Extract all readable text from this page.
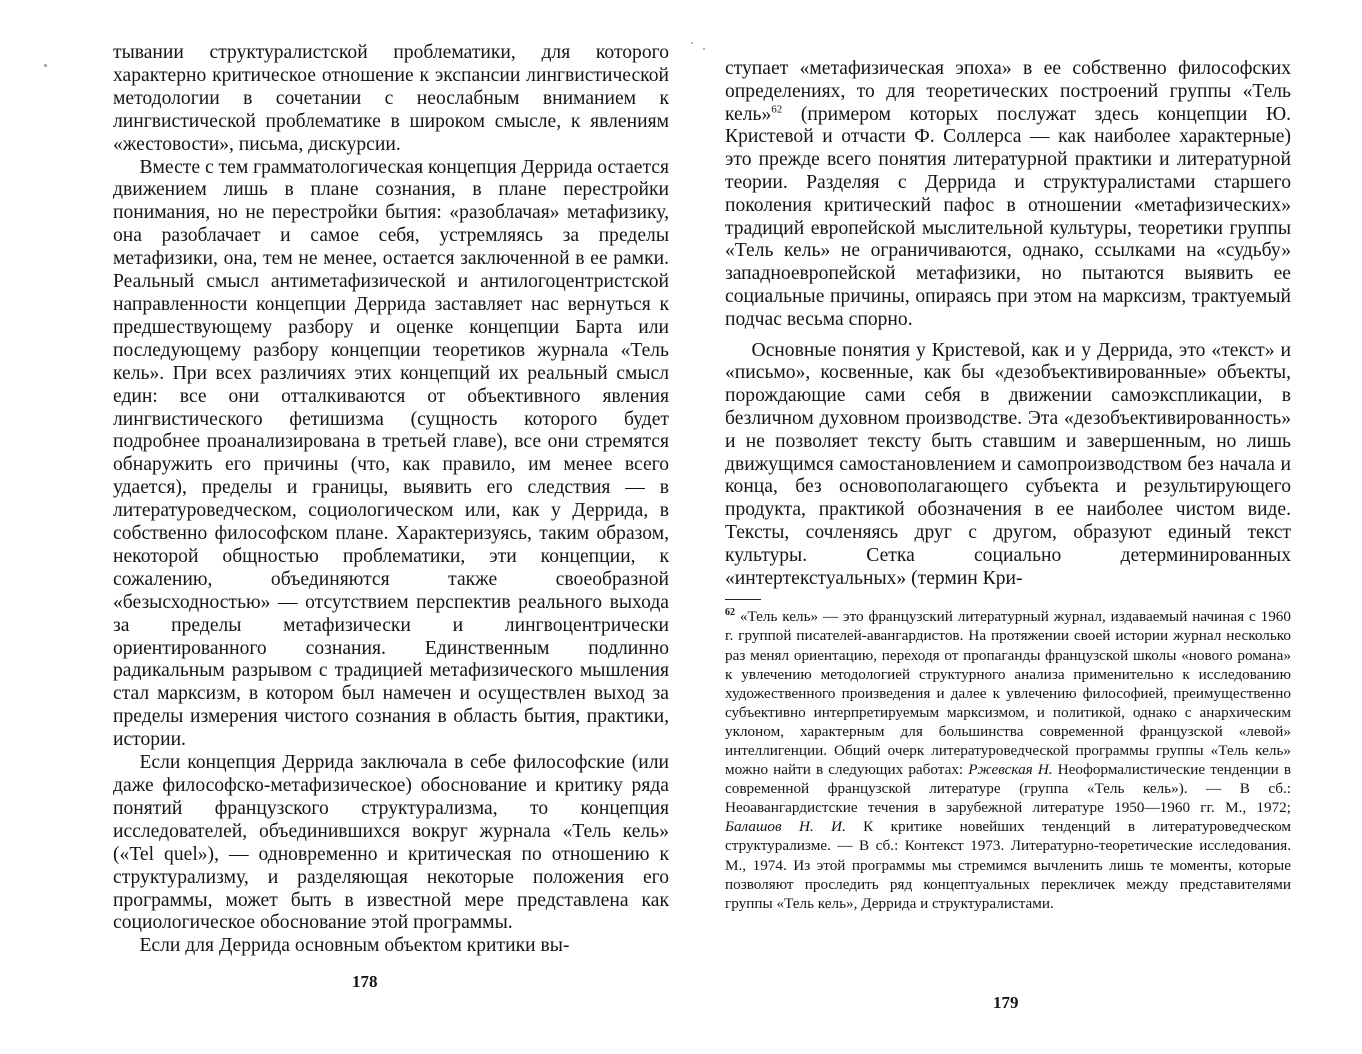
тывании структуралистской проблематики, для которого характерно критическое отношение к экспансии лингвистической методологии в сочетании с неослабным вниманием к лингвистической проблематике в широком смысле, к явлениям «жестовости», письма, дискурсии.

Вместе с тем грамматологическая концепция Деррида остается движением лишь в плане сознания, в плане перестройки понимания, но не перестройки бытия: «разоблачая» метафизику, она разоблачает и самое себя, устремляясь за пределы метафизики, она, тем не менее, остается заключенной в ее рамки. Реальный смысл антиметафизической и антилогоцентристской направленности концепции Деррида заставляет нас вернуться к предшествующему разбору и оценке концепции Барта или последующему разбору концепции теоретиков журнала «Тель кель». При всех различиях этих концепций их реальный смысл един: все они отталкиваются от объективного явления лингвистического фетишизма (сущность которого будет подробнее проанализирована в третьей главе), все они стремятся обнаружить его причины (что, как правило, им менее всего удается), пределы и границы, выявить его следствия — в литературоведческом, социологическом или, как у Деррида, в собственно философском плане. Характеризуясь, таким образом, некоторой общностью проблематики, эти концепции, к сожалению, объединяются также своеобразной «безысходностью» — отсутствием перспектив реального выхода за пределы метафизически и лингвоцентрически ориентированного сознания. Единственным подлинно радикальным разрывом с традицией метафизического мышления стал марксизм, в котором был намечен и осуществлен выход за пределы измерения чистого сознания в область бытия, практики, истории.

Если концепция Деррида заключала в себе философские (или даже философско-метафизическое) обоснование и критику ряда понятий французского структурализма, то концепция исследователей, объединившихся вокруг журнала «Тель кель» («Tel quel»), — одновременно и критическая по отношению к структурализму, и разделяющая некоторые положения его программы, может быть в известной мере представлена как социологическое обоснование этой программы.

Если для Деррида основным объектом критики вы-

178

ступает «метафизическая эпоха» в ее собственно философских определениях, то для теоретических построений группы «Тель кель»$^{62}$ (примером которых послужат здесь концепции Ю. Кристевой и отчасти Ф. Соллерса — как наиболее характерные) это прежде всего понятия литературной практики и литературной теории. Разделяя с Деррида и структуралистами старшего поколения критический пафос в отношении «метафизических» традиций европейской мыслительной культуры, теоретики группы «Тель кель» не ограничиваются, однако, ссылками на «судьбу» западноевропейской метафизики, но пытаются выявить ее социальные причины, опираясь при этом на марксизм, трактуемый подчас весьма спорно.

Основные понятия у Кристевой, как и у Деррида, это «текст» и «письмо», косвенные, как бы «дезобъективированные» объекты, порождающие сами себя в движении самоэкспликации, в безличном духовном производстве. Эта «дезобъективированность» и не позволяет тексту быть ставшим и завершенным, но лишь движущимся самостановлением и самопроизводством без начала и конца, без основополагающего субъекта и результирующего продукта, практикой обозначения в ее наиболее чистом виде. Тексты, сочленяясь друг с другом, образуют единый текст культуры. Сетка социально детерминированных «интертекстуальных» (термин Кри-

$^{62}$ «Тель кель» — это французский литературный журнал, издаваемый начиная с 1960 г. группой писателей-авангардистов. На протяжении своей истории журнал несколько раз менял ориентацию, переходя от пропаганды французской школы «нового романа» к увлечению методологией структурного анализа применительно к исследованию художественного произведения и далее к увлечению философией, преимущественно субъективно интерпретируемым марксизмом, и политикой, однако с анархическим уклоном, характерным для большинства современной французской «левой» интеллигенции. Общий очерк литературоведческой программы группы «Тель кель» можно найти в следующих работах: Ржевская Н. Неоформалистические тенденции в современной французской литературе (группа «Тель кель»). — В сб.: Неоавангардистские течения в зарубежной литературе 1950—1960 гг. М., 1972; Балашов Н. И. К критике новейших тенденций в литературоведческом структурализме. — В сб.: Контекст 1973. Литературно-теоретические исследования. М., 1974. Из этой программы мы стремимся вычленить лишь те моменты, которые позволяют проследить ряд концептуальных перекличек между представителями группы «Тель кель», Деррида и структуралистами.
179
